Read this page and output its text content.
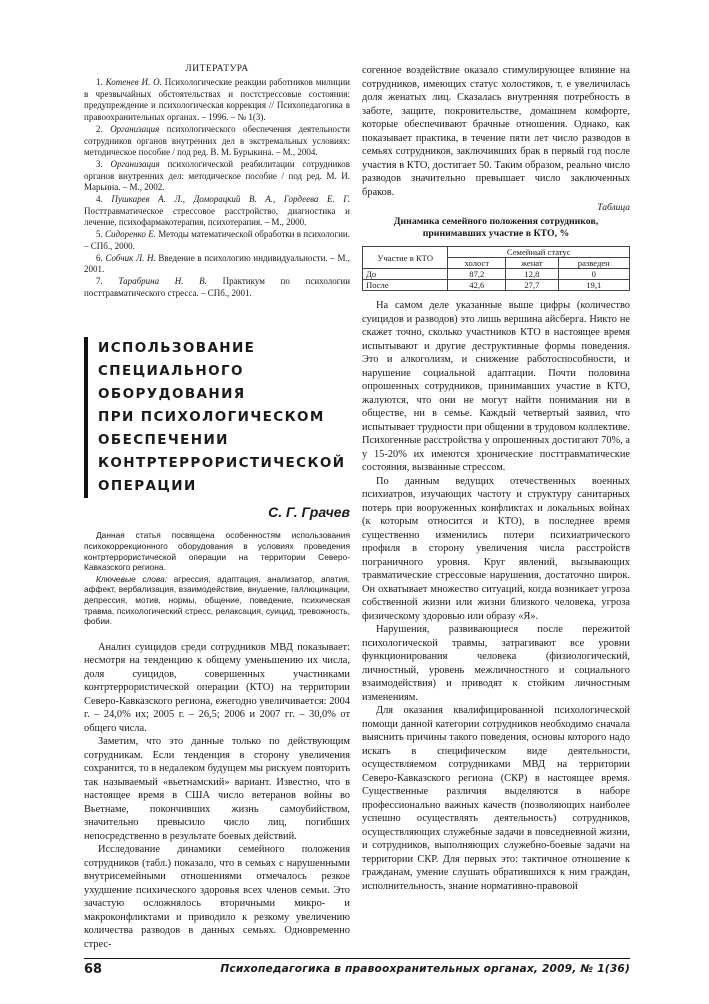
ЛИТЕРАТУРА

1. Котенев И. О. Психологические реакции работников милиции в чрезвычайных обстоятельствах и постстрессовые состояния: предупреждение и психологическая коррекция // Психопедагогика в правоохранительных органах. – 1996. – № 1(3).

2. Организация психологического обеспечения деятельности сотрудников органов внутренних дел в экстремальных условиях: методическое пособие / под ред. В. М. Бурыкина. – М., 2004.

3. Организация психологической реабилитации сотрудников органов внутренних дел: методическое пособие / под ред. М. И. Марьина. – М., 2002.

4. Пушкарев А. Л., Доморацкий В. А., Гордеева Е. Г. Посттравматическое стрессовое расстройство, диагностика и лечение, психофармакотерапия, психотерапия. – М., 2000.

5. Сидоренко Е. Методы математической обработки в психологии. – СПб., 2000.

6. Собчик Л. Н. Введение в психологию индивидуальности. – М., 2001.

7. Тарабрина Н. В. Практикум по психологии посттравматического стресса. – СПб., 2001.

ИСПОЛЬЗОВАНИЕ
СПЕЦИАЛЬНОГО ОБОРУДОВАНИЯ
ПРИ ПСИХОЛОГИЧЕСКОМ ОБЕСПЕЧЕНИИ
КОНТРТЕРРОРИСТИЧЕСКОЙ ОПЕРАЦИИ
С. Г. Грачев

Данная статья посвящена особенностям использования психокоррекционного оборудования в условиях проведения контртеррористической операции на территории Северо-Кавказского региона.

Ключевые слова: агрессия, адаптация, анализатор, апатия, аффект, вербализация, взаимодействие, внушение, галлюцинации, депрессия, мотив, нормы, общение, поведение, психическая травма, психологический стресс, релаксация, суицид, тревожность, фобии.

Анализ суицидов среди сотрудников МВД показывает: несмотря на тенденцию к общему уменьшению их числа, доля суицидов, совершенных участниками контртеррористической операции (КТО) на территории Северо-Кавказского региона, ежегодно увеличивается: 2004 г. – 24,0% их; 2005 г. – 26,5; 2006 и 2007 гг. – 30,0% от общего числа.

Заметим, что это данные только по действующим сотрудникам. Если тенденция в сторону увеличения сохранится, то в недалеком будущем мы рискуем повторить так называемый «вьетнамский» вариант. Известно, что в настоящее время в США число ветеранов войны во Вьетнаме, покончивших жизнь самоубийством, значительно превысило число лиц, погибших непосредственно в результате боевых действий.

Исследование динамики семейного положения сотрудников (табл.) показало, что в семьях с нарушенными внутрисемейными отношениями отмечалось резкое ухудшение психического здоровья всех членов семьи. Это зачастую осложнялось вторичными микро- и макроконфликтами и приводило к резкому увеличению количества разводов в данных семьях. Одновременно стрес-

согенное воздействие оказало стимулирующее влияние на сотрудников, имеющих статус холостяков, т. е увеличилась доля женатых лиц. Сказалась внутренняя потребность в заботе, защите, покровительстве, домашнем комфорте, которые обеспечивают брачные отношения. Однако, как показывает практика, в течение пяти лет число разводов в семьях сотрудников, заключивших брак в первый год после участия в КТО, достигает 50. Таким образом, реально число разводов значительно превышает число заключенных браков.

Таблица
Динамика семейного положения сотрудников, принимавших участие в КТО, %
Участие в КТО	Семейный статус		
	холост	женат	разведен
До	87,2	12,8	0
После	42,6	27,7	19,1

На самом деле указанные выше цифры (количество суицидов и разводов) это лишь вершина айсберга. Никто не скажет точно, сколько участников КТО в настоящее время испытывают и другие деструктивные формы поведения. Это и алкоголизм, и снижение работоспособности, и нарушение социальной адаптации. Почти половина опрошенных сотрудников, принимавших участие в КТО, жалуются, что они не могут найти понимания ни в обществе, ни в семье. Каждый четвертый заявил, что испытывает трудности при общении в трудовом коллективе. Психогенные расстройства у опрошенных достигают 70%, а у 15-20% их имеются хронические посттравматические состояния, вызванные стрессом.

По данным ведущих отечественных военных психиатров, изучающих частоту и структуру санитарных потерь при вооруженных конфликтах и локальных войнах (к которым относится и КТО), в последнее время существенно изменились потери психиатрического профиля в сторону увеличения числа расстройств пограничного уровня. Круг явлений, вызывающих травматические стрессовые нарушения, достаточно широк. Он охватывает множество ситуаций, когда возникает угроза собственной жизни или жизни близкого человека, угроза физическому здоровью или образу «Я».

Нарушения, развивающиеся после пережитой психологической травмы, затрагивают все уровни функционирования человека (физиологический, личностный, уровень межличностного и социального взаимодействия) и приводят к стойким личностным изменениям.

Для оказания квалифицированной психологической помощи данной категории сотрудников необходимо сначала выяснить причины такого поведения, основы которого надо искать в специфическом виде деятельности, осуществляемом сотрудниками МВД на территории Северо-Кавказского региона (СКР) в настоящее время. Существенные различия выделяются в наборе профессионально важных качеств (позволяющих наиболее успешно осуществлять деятельность) сотрудников, осуществляющих служебные задачи в повседневной жизни, и сотрудников, выполняющих служебно-боевые задачи на территории СКР. Для первых это: тактичное отношение к гражданам, умение слушать обратившихся к ним граждан, исполнительность, знание нормативно-правовой

68	Психопедагогика в правоохранительных органах, 2009, № 1(36)
